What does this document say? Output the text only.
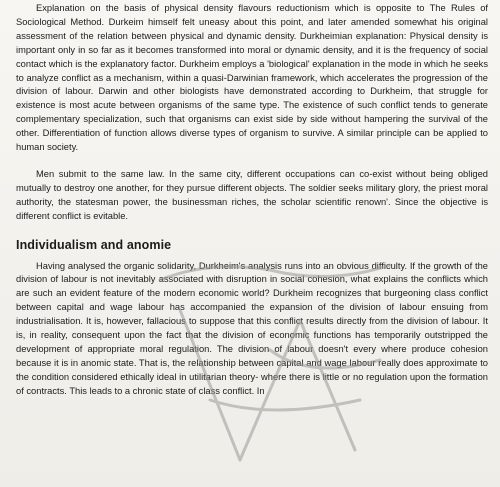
Explanation on the basis of physical density flavours reductionism which is opposite to The Rules of Sociological Method. Durkeim himself felt uneasy about this point, and later amended somewhat his original assessment of the relation between physical and dynamic density. Durkheimian explanation: Physical density is important only in so far as it becomes transformed into moral or dynamic density, and it is the frequency of social contact which is the explanatory factor. Durkheim employs a 'biological' explanation in the mode in which he seeks to analyze conflict as a mechanism, within a quasi-Darwinian framework, which accelerates the progression of the division of labour. Darwin and other biologists have demonstrated according to Durkheim, that struggle for existence is most acute between organisms of the same type. The existence of such conflict tends to generate complementary specialization, such that organisms can exist side by side without hampering the survival of the other. Differentiation of function allows diverse types of organism to survive. A similar principle can be applied to human society.

Men submit to the same law. In the same city, different occupations can co-exist without being obliged mutually to destroy one another, for they pursue different objects. The soldier seeks military glory, the priest moral authority, the statesman power, the businessman riches, the scholar scientific renown'. Since the objective is different conflict is evitable.

Individualism and anomie

Having analysed the organic solidarity, Durkheim's analysis runs into an obvious difficulty. If the growth of the division of labour is not inevitably associated with disruption in social cohesion, what explains the conflicts which are such an evident feature of the modern economic world? Durkheim recognizes that burgeoning class conflict between capital and wage labour has accompanied the expansion of the division of labour ensuing from industrialisation. It is, however, fallacious to suppose that this conflict results directly from the division of labour. It is, in reality, consequent upon the fact that the division of economic functions has temporarily outstripped the development of appropriate moral regulation. The division of labour doesn't every where produce cohesion because it is in anomic state. That is, the relationship between capital and wage labour really does approximate to the condition considered ethically ideal in utilitarian theory- where there is little or no regulation upon the formation of contracts. This leads to a chronic state of class conflict. In
